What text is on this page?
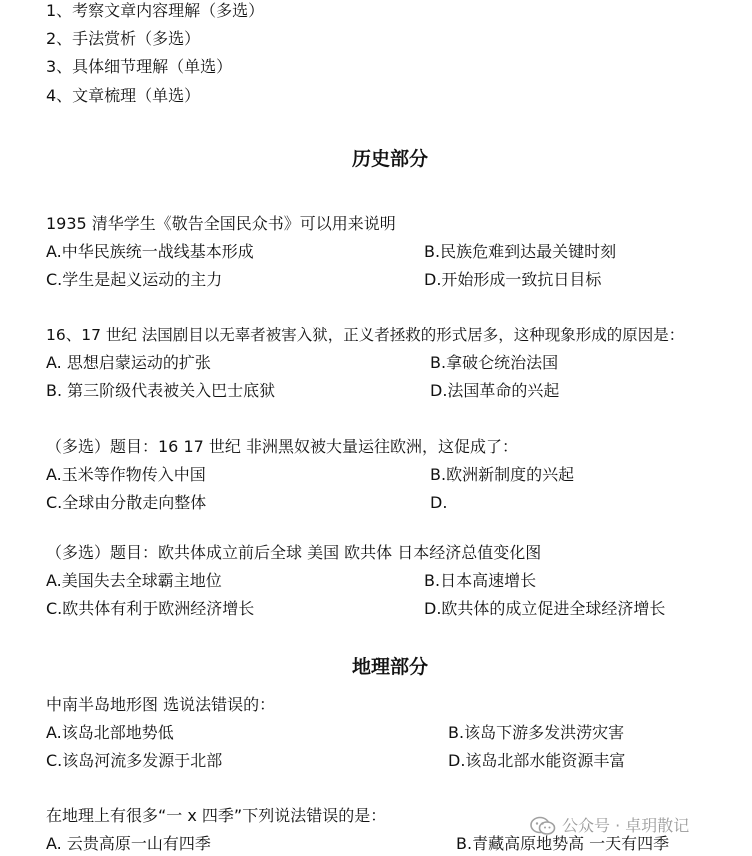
1、考察文章内容理解（多选）
2、手法赏析（多选）
3、具体细节理解（单选）
4、文章梳理（单选）
历史部分
1935 清华学生《敬告全国民众书》可以用来说明
A.中华民族统一战线基本形成	B.民族危难到达最关键时刻
C.学生是起义运动的主力	D.开始形成一致抗日目标
16、17 世纪 法国剧目以无辜者被害入狱，正义者拯救的形式居多，这种现象形成的原因是：
A. 思想启蒙运动的扩张	B.拿破仑统治法国
B. 第三阶级代表被关入巴士底狱	D.法国革命的兴起
（多选）题目：16 17 世纪 非洲黑奴被大量运往欧洲，这促成了：
A.玉米等作物传入中国	B.欧洲新制度的兴起
C.全球由分散走向整体	D.
（多选）题目：欧共体成立前后全球 美国 欧共体 日本经济总值变化图
A.美国失去全球霸主地位	B.日本高速增长
C.欧共体有利于欧洲经济增长	D.欧共体的成立促进全球经济增长
地理部分
中南半岛地形图 选说法错误的：
A.该岛北部地势低	B.该岛下游多发洪涝灾害
C.该岛河流多发源于北部	D.该岛北部水能资源丰富
在地理上有很多“一 x 四季”下列说法错误的是：
A. 云贵高原一山有四季	B.青藏高原地势高 一天有四季
公众号 · 卓玥散记
